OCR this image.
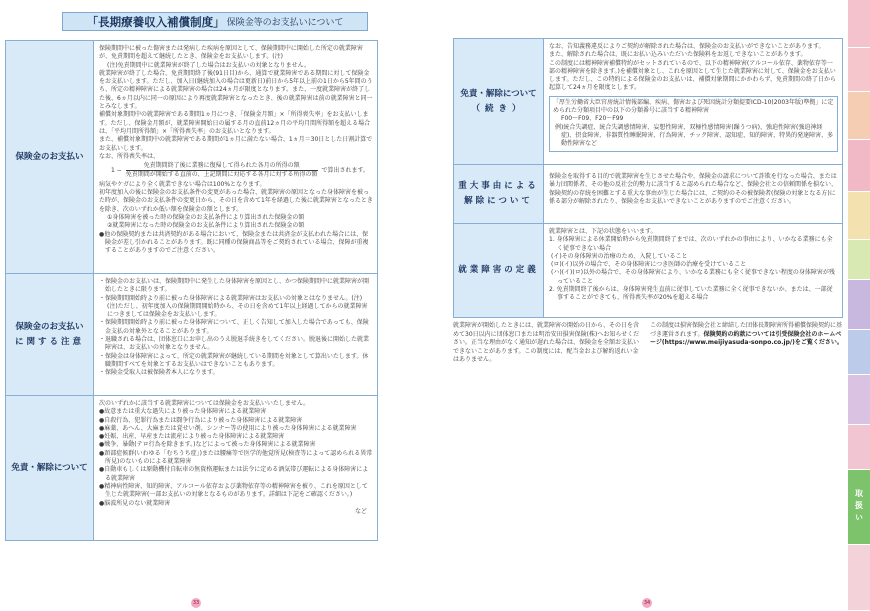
「長期療養収入補償制度」 保険金等のお支払いについて
保険金のお支払い

保険期間中に被った傷害または発病した疾病を原因として、保険期間中に開始した所定の就業障害が、免責期間を超えて継続したとき、保険金をお支払いします。(注)

(注)免責期間中に就業障害が終了した場合はお支払いの対象となりません。

就業障害が終了した場合、免責期間終了後(91日目)から、通算で就業障害である期間に対して保険金をお支払いします。ただし、加入日(継続加入の場合は更新日)前日から5年以上前の1日から5年間のうち、所定の精神障害による就業障害の場合は24ヵ月が限度となります。また、一度就業障害が終了した後、6ヵ月以内に同一の原因により再度就業障害となったとき、後の就業障害は前の就業障害と同一とみなします。

補償対象期間中の就業障害である期間1ヵ月につき、「保険金月額」×「所得喪失率」をお支払いします。ただし、保険金月額が、就業障害開始日の属する月の直前12ヵ月の平均月間所得額を超える場合は、「平均月間所得額」×「所得喪失率」のお支払いとなります。

また、補償対象期間中の就業障害である期間が1ヵ月に満たない場合、1ヵ月＝30日とした日割計算でお支払いします。

なお、所得喪失率は、

$1 - \frac{\text{免責期間終了後に業務に復帰して得られた各月の所得の額}}{\text{免責期間が開始する直前の、上記期間に対応する各月に対する所得の額}}$ で算出されます。

病気やケガにより全く就業できない場合は100%となります。

初年度加入の後に保険金のお支払条件の変更があった場合、就業障害の原因となった身体障害を被った時が、保険金のお支払条件の変更日から、その日を含めて1年を経過した後に就業障害となったときを除き、次のいずれか低い額を保険金の額とします。

①身体障害を被った時の保険金のお支払条件により算出された保険金の額

②就業障害になった時の保険金のお支払条件により算出された保険金の額

●他の保険契約または共済契約がある場合において、保険金または共済金が支払われた場合には、保険金が差し引かれることがあります。既に同種の保険商品等をご契約されている場合、保障が重複することがありますのでご注意ください。

保険金のお支払い
に関する注意

・保険金のお支払いは、保険期間中に発生した身体障害を原因とし、かつ保険期間中に就業障害が開始したときに限ります。

・保険期間開始時より前に被った身体障害による就業障害はお支払いの対象とはなりません。(注)

(注)ただし、初年度加入の保険期間開始時から、その日を含めて1年以上経過してからの就業障害につきましては保険金をお支払いします。

・保険期間開始時より前に被った身体障害について、正しく告知して加入した場合であっても、保険金支払の対象外となることがあります。

・退職される場合は、団体窓口にお申し出のうえ脱退手続きをしてください。脱退後に開始した就業障害は、お支払いの対象となりません。

・保険金は身体障害によって、所定の就業障害が継続している期間を対象として算出いたします。休職期間すべてを対象とするお支払いはできないこともあります。

・保険金受取人は被保険者本人になります。

免責・解除について

次のいずれかに該当する就業障害については保険金をお支払いいたしません。

●故意または重大な過失により被った身体障害による就業障害

●自殺行為、犯罪行為または闘争行為により被った身体障害による就業障害

●麻薬、あへん、大麻または覚せい剤、シンナー等の使用により被った身体障害による就業障害

●妊娠、出産、早産または流産により被った身体障害による就業障害

●戦争、暴動(テロ行為を除きます。)などによって被った身体障害による就業障害

●頚部症候群(いわゆる「むちうち症」)または腰痛等で医学的他覚所見(検査等によって認められる異常所見)のないものによる就業障害

●自動車もしくは原動機付自転車の無資格運転または法令に定める酒気帯び運転による身体障害による就業障害

●精神病性障害、知的障害、アルコール依存および薬物依存等の精神障害を被り、これを原因として生じた就業障害(一部お支払いの対象となるものがあります。詳細は下記をご確認ください。)

●脳波所見のない就業障害

など

33
免責・解除について
（続き）

なお、告知義務違反によりご契約が解除された場合は、保険金のお支払いができないことがあります。

また、解除された場合は、既にお払い込みいただいた保険料をお返しできないことがあります。

この制度には精神障害補償特約がセットされているので、以下の精神障害(アルコール依存、薬物依存等一部の精神障害を除きます。)を補償対象とし、これを原因として生じた就業障害に対して、保険金をお支払いします。ただし、この特約による保険金のお支払いは、補償対象期間にかかわらず、免責期間の終了日から起算して24ヵ月を限度とします。

「厚生労働省大臣官房統計情報部編、疾病、傷害および死因統計分類提要ICD-10(2003年版)準拠」に定められた分類項目中の以下の分類番号に該当する精神障害

F00〜F09、F20〜F99

例)統合失調症、統合失調感情障害、妄想性障害、双極性感情障害(躁うつ病)、強迫性障害(強迫神経症)、摂食障害、非器質性睡眠障害、行為障害、チック障害、認知症、知的障害、特異的発達障害、多動性障害など

重大事由による
解除について

保険金を取得する目的で就業障害を生じさせた場合や、保険金の請求について詐欺を行なった場合、または暴力団関係者、その他の反社会的勢力に該当すると認められた場合など、保険会社との信頼関係を損ない、保険契約の存続を困難とする重大な事由が生じた場合には、ご契約のその被保険者(保険の対象となる方)に係る部分が解除されたり、保険金をお支払いできないことがありますのでご注意ください。

就業障害の定義

就業障害とは、下記の状態をいいます。

1. 身体障害による休業開始時から免責期間終了までは、次のいずれかの事由により、いかなる業務にも全く従事できない場合

(イ)その身体障害の治療のため、入院していること

(ロ)(イ)以外の場合で、その身体障害につき医師の治療を受けていること

(ハ)(イ)(ロ)以外の場合で、その身体障害により、いかなる業務にも全く従事できない程度の身体障害が残っていること

2. 免責期間終了後からは、身体障害発生直前に従事していた業務に全く従事できないか、または、一部従事することができても、所得喪失率が20%を超える場合

就業障害が開始したときには、就業障害の開始の日から、その日を含めて30日以内に団体窓口または明治安田損害保険(株)へお知らせください。正当な理由がなく通知が遅れた場合は、保険金を全額お支払いできないことがあります。この制度には、配当金および解約返れい金はありません。
この制度は損害保険会社と締結した団体長期障害所得補償保険契約に基づき運営されます。保険契約の約款については引受保険会社のホームページ(https://www.meijiyasuda-sonpo.co.jp/)をご覧ください。
34
取扱い
